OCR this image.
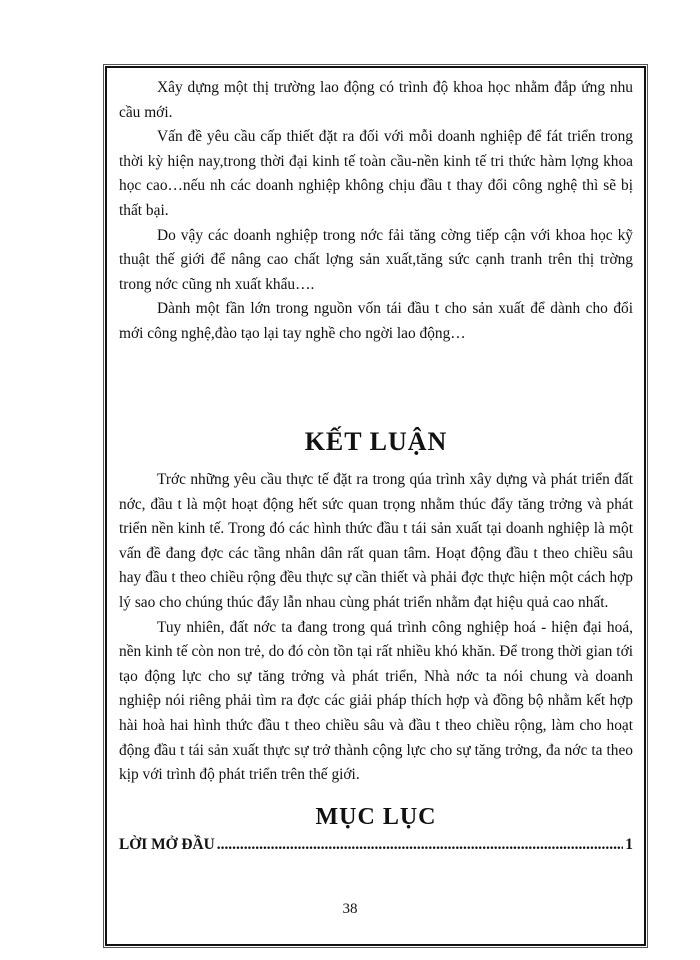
Xây dựng một thị trường lao động có trình độ khoa học nhằm đắp ứng nhu cầu mới.

Vấn đề yêu cầu cấp thiết đặt ra đối với mỗi doanh nghiệp để fát triển trong thời kỳ hiện nay,trong thời đại kinh tế toàn cầu-nền kinh tế tri thức hàm lợng khoa học cao…nếu nh các doanh nghiệp không chịu đầu t thay đổi công nghệ thì sẽ bị thất bại.

Do vậy các doanh nghiệp trong nớc fải tăng cờng tiếp cận với khoa học kỹ thuật thế giới để nâng cao chất lợng sản xuất,tăng sức cạnh tranh trên thị trờng trong nớc cũng nh xuất khẩu….

Dành một fần lớn trong nguồn vốn tái đầu t cho sản xuất để dành cho đổi mới công nghệ,đào tạo lại tay nghề cho ngời lao động…

KẾT LUẬN

Trớc những yêu cầu thực tế đặt ra trong qúa trình xây dựng và phát triển đất nớc, đầu t là một hoạt động hết sức quan trọng nhằm thúc đẩy tăng trởng và phát triển nền kinh tế. Trong đó các hình thức đầu t tái sản xuất tại doanh nghiệp là một vấn đề đang đợc các tầng nhân dân rất quan tâm. Hoạt động đầu t theo chiều sâu hay đầu t theo chiều rộng đều thực sự cần thiết và phải đợc thực hiện một cách hợp lý sao cho chúng thúc đẩy lẫn nhau cùng phát triển nhằm đạt hiệu quả cao nhất.

Tuy nhiên, đất nớc ta đang trong quá trình công nghiệp hoá - hiện đại hoá, nền kinh tế còn non trẻ, do đó còn tồn tại rất nhiều khó khăn. Để trong thời gian tới tạo động lực cho sự tăng trởng và phát triển, Nhà nớc ta nói chung và doanh nghiệp nói riêng phải tìm ra đợc các giải pháp thích hợp và đồng bộ nhằm kết hợp hài hoà hai hình thức đầu t theo chiều sâu và đầu t theo chiều rộng, làm cho hoạt động đầu t tái sản xuất thực sự trở thành cộng lực cho sự tăng trởng, đa nớc ta theo kịp với trình độ phát triển trên thế giới.

MỤC LỤC
LỜI MỞ ĐẦU
.....	1
38
